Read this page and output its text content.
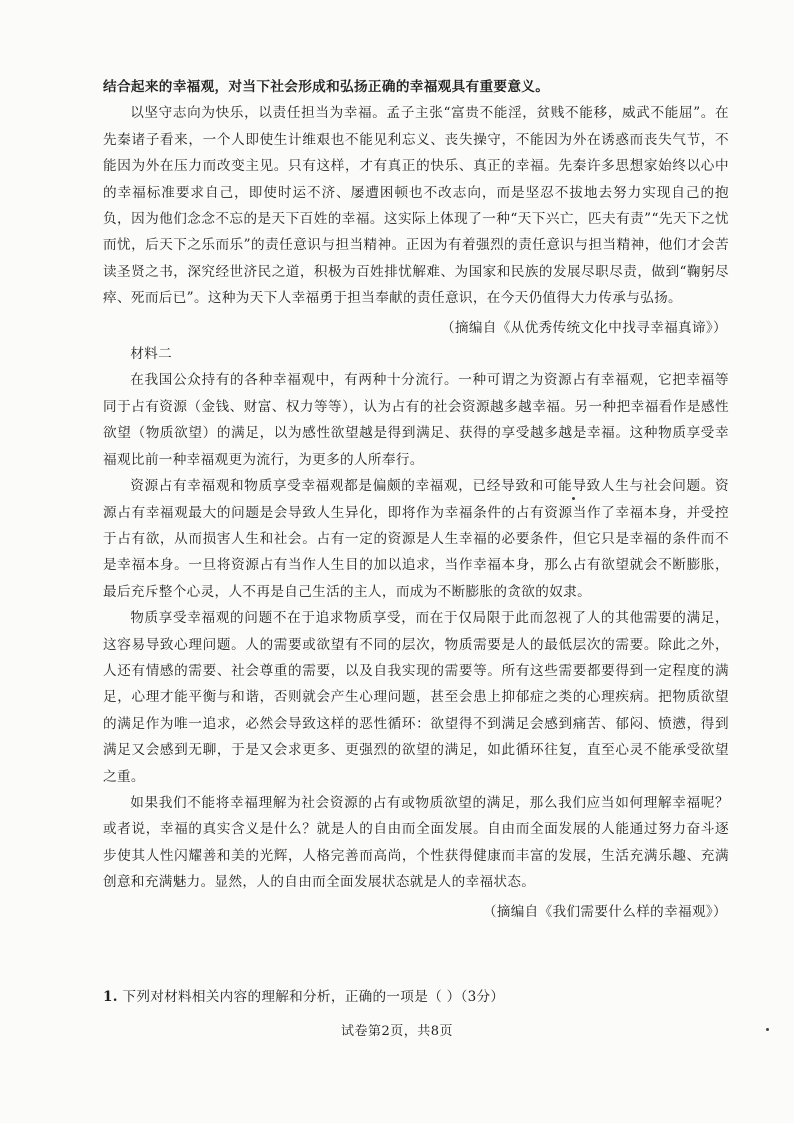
结合起来的幸福观，对当下社会形成和弘扬正确的幸福观具有重要意义。

以坚守志向为快乐，以责任担当为幸福。孟子主张“富贵不能淫，贫贱不能移，威武不能屈”。在先秦诸子看来，一个人即使生计维艰也不能见利忘义、丧失操守，不能因为外在诱惑而丧失气节，不能因为外在压力而改变主见。只有这样，才有真正的快乐、真正的幸福。先秦许多思想家始终以心中的幸福标准要求自己，即使时运不济、屡遭困顿也不改志向，而是坚忍不拔地去努力实现自己的抱负，因为他们念念不忘的是天下百姓的幸福。这实际上体现了一种“天下兴亡，匹夫有责”“先天下之忧而忧，后天下之乐而乐”的责任意识与担当精神。正因为有着强烈的责任意识与担当精神，他们才会苦读圣贤之书，深究经世济民之道，积极为百姓排忧解难、为国家和民族的发展尽职尽责，做到“鞠躬尽瘁、死而后已”。这种为天下人幸福勇于担当奉献的责任意识，在今天仍值得大力传承与弘扬。

（摘编自《从优秀传统文化中找寻幸福真谛》）

材料二

在我国公众持有的各种幸福观中，有两种十分流行。一种可谓之为资源占有幸福观，它把幸福等同于占有资源（金钱、财富、权力等等），认为占有的社会资源越多越幸福。另一种把幸福看作是感性欲望（物质欲望）的满足，以为感性欲望越是得到满足、获得的享受越多越是幸福。这种物质享受幸福观比前一种幸福观更为流行，为更多的人所奉行。

资源占有幸福观和物质享受幸福观都是偏颇的幸福观，已经导致和可能导致人生与社会问题。资源占有幸福观最大的问题是会导致人生异化，即将作为幸福条件的占有资源当作了幸福本身，并受控于占有欲，从而损害人生和社会。占有一定的资源是人生幸福的必要条件，但它只是幸福的条件而不是幸福本身。一旦将资源占有当作人生目的加以追求，当作幸福本身，那么占有欲望就会不断膨胀，最后充斥整个心灵，人不再是自己生活的主人，而成为不断膨胀的贪欲的奴隶。

物质享受幸福观的问题不在于追求物质享受，而在于仅局限于此而忽视了人的其他需要的满足，这容易导致心理问题。人的需要或欲望有不同的层次，物质需要是人的最低层次的需要。除此之外，人还有情感的需要、社会尊重的需要，以及自我实现的需要等。所有这些需要都要得到一定程度的满足，心理才能平衡与和谐，否则就会产生心理问题，甚至会患上抑郁症之类的心理疾病。把物质欲望的满足作为唯一追求，必然会导致这样的恶性循环：欲望得不到满足会感到痛苦、郁闷、愤懑，得到满足又会感到无聊，于是又会求更多、更强烈的欲望的满足，如此循环往复，直至心灵不能承受欲望之重。

如果我们不能将幸福理解为社会资源的占有或物质欲望的满足，那么我们应当如何理解幸福呢？或者说，幸福的真实含义是什么？就是人的自由而全面发展。自由而全面发展的人能通过努力奋斗逐步使其人性闪耀善和美的光辉，人格完善而高尚，个性获得健康而丰富的发展，生活充满乐趣、充满创意和充满魅力。显然，人的自由而全面发展状态就是人的幸福状态。

（摘编自《我们需要什么样的幸福观》）
1. 下列对材料相关内容的理解和分析，正确的一项是（ ）（3分）
试卷第2页，共8页
